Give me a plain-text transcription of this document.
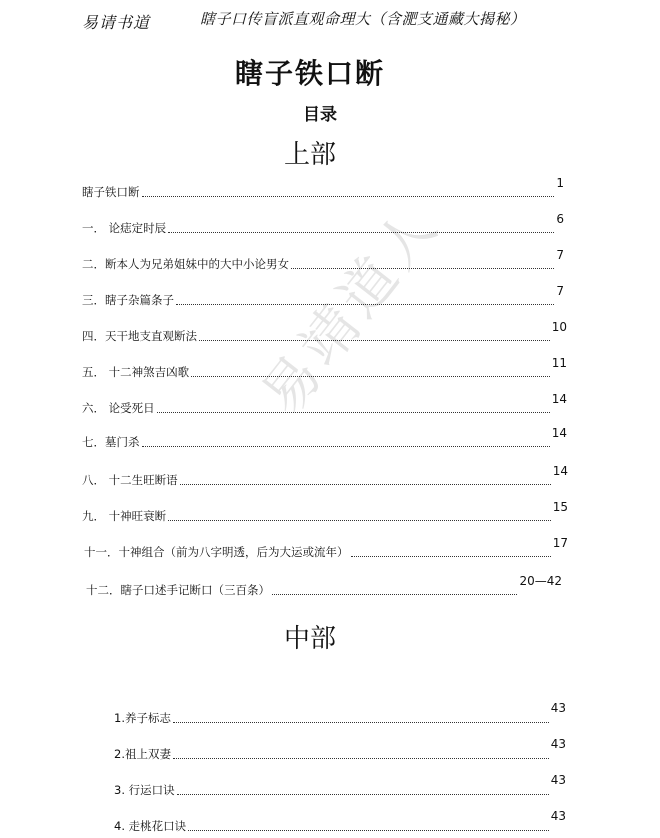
易请书道	瞎子口传盲派直观命理大（含淝支通藏大揭秘）
瞎子铁口断
目录
上部
瞎子铁口断
1
一． 论痣定时辰
6
二．断本人为兄弟姐妹中的大中小论男女
7
三．瞎子杂篇条子
7
四．天干地支直观断法
10
五． 十二神煞吉凶歌
11
六． 论受死日
14
七．墓门杀
14
八． 十二生旺断语
14
九． 十神旺衰断
15
十一．十神组合（前为八字明透，后为大运或流年）
17
十二．瞎子口述手记断口（三百条）
20—42
中部
1.养子标志
43
2.祖上双妻
43
3. 行运口诀
43
4. 走桃花口诀
43
易靖道人
